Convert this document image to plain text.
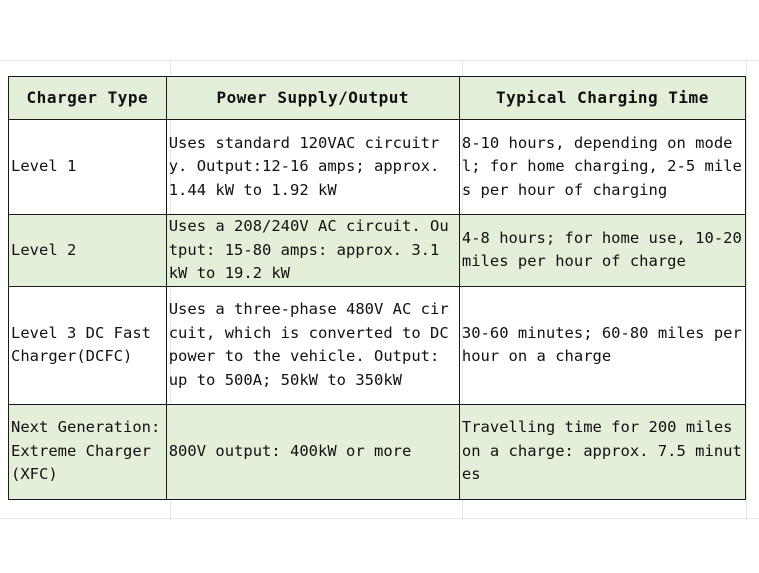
Charger Type	Power Supply/Output	Typical Charging Time
Level 1	Uses standard 120VAC circuitry. Output:12-16 amps; approx. 1.44 kW to 1.92 kW	8-10 hours, depending on model; for home charging, 2-5 miles per hour of charging
Level 2	Uses a 208/240V AC circuit. Output: 15-80 amps: approx. 3.1 kW to 19.2 kW	4-8 hours; for home use, 10-20 miles per hour of charge
Level 3 DC Fast Charger(DCFC)	Uses a three-phase 480V AC circuit, which is converted to DC power to the vehicle. Output: up to 500A; 50kW to 350kW	30-60 minutes; 60-80 miles per hour on a charge
Next Generation:Extreme Charger(XFC)	800V output: 400kW or more	Travelling time for 200 miles on a charge: approx. 7.5 minutes
